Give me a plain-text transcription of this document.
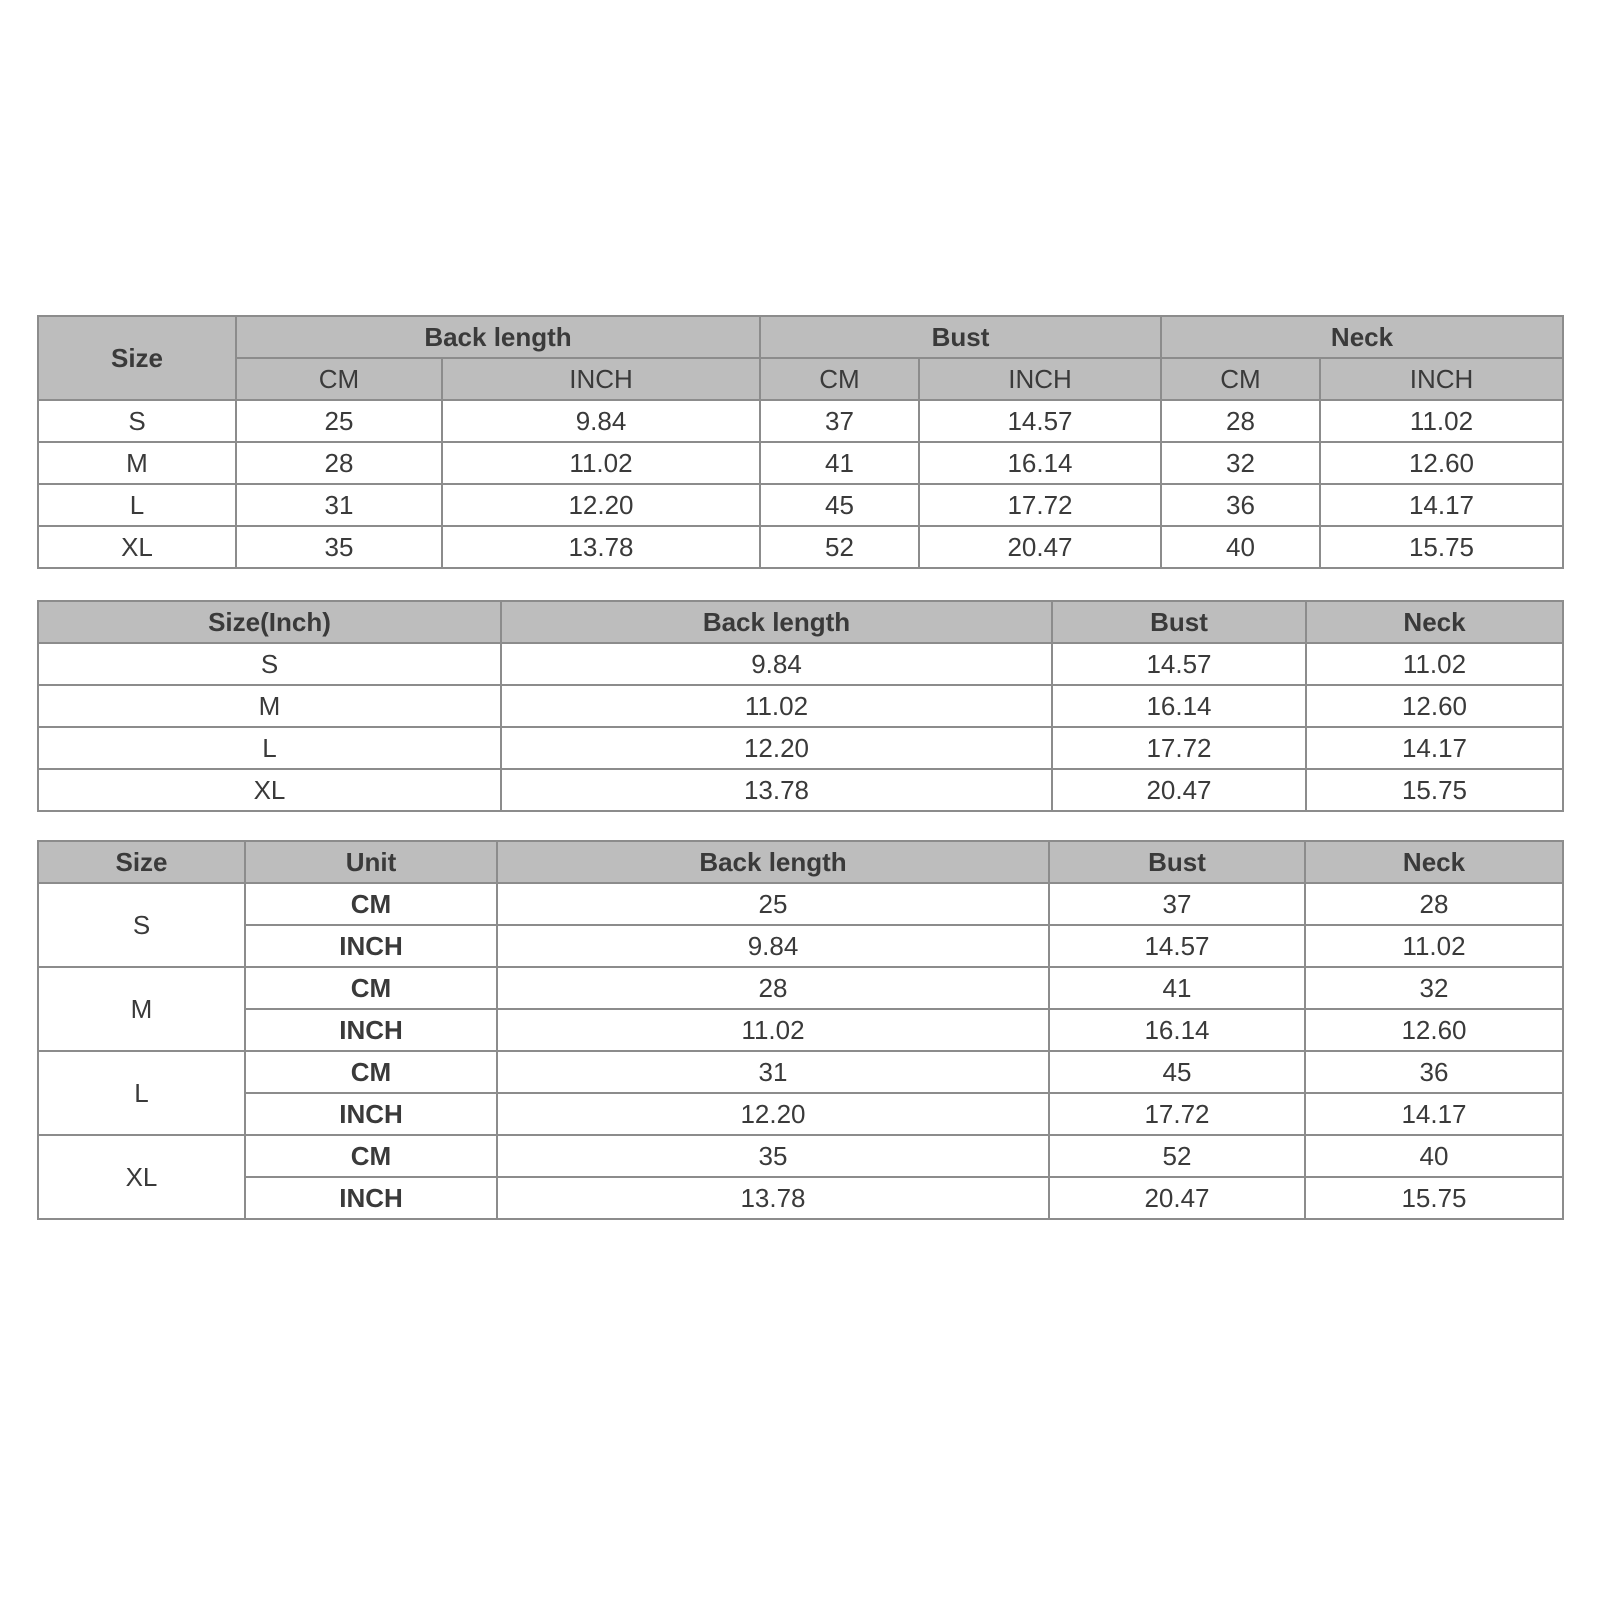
Size	Back length		Bust		Neck	
	CM	INCH	CM	INCH	CM	INCH
S	25	9.84	37	14.57	28	11.02
M	28	11.02	41	16.14	32	12.60
L	31	12.20	45	17.72	36	14.17
XL	35	13.78	52	20.47	40	15.75
Size(Inch)	Back length	Bust	Neck
S	9.84	14.57	11.02
M	11.02	16.14	12.60
L	12.20	17.72	14.17
XL	13.78	20.47	15.75
Size	Unit	Back length	Bust	Neck
S	CM	25	37	28
	INCH	9.84	14.57	11.02
M	CM	28	41	32
	INCH	11.02	16.14	12.60
L	CM	31	45	36
	INCH	12.20	17.72	14.17
XL	CM	35	52	40
	INCH	13.78	20.47	15.75
